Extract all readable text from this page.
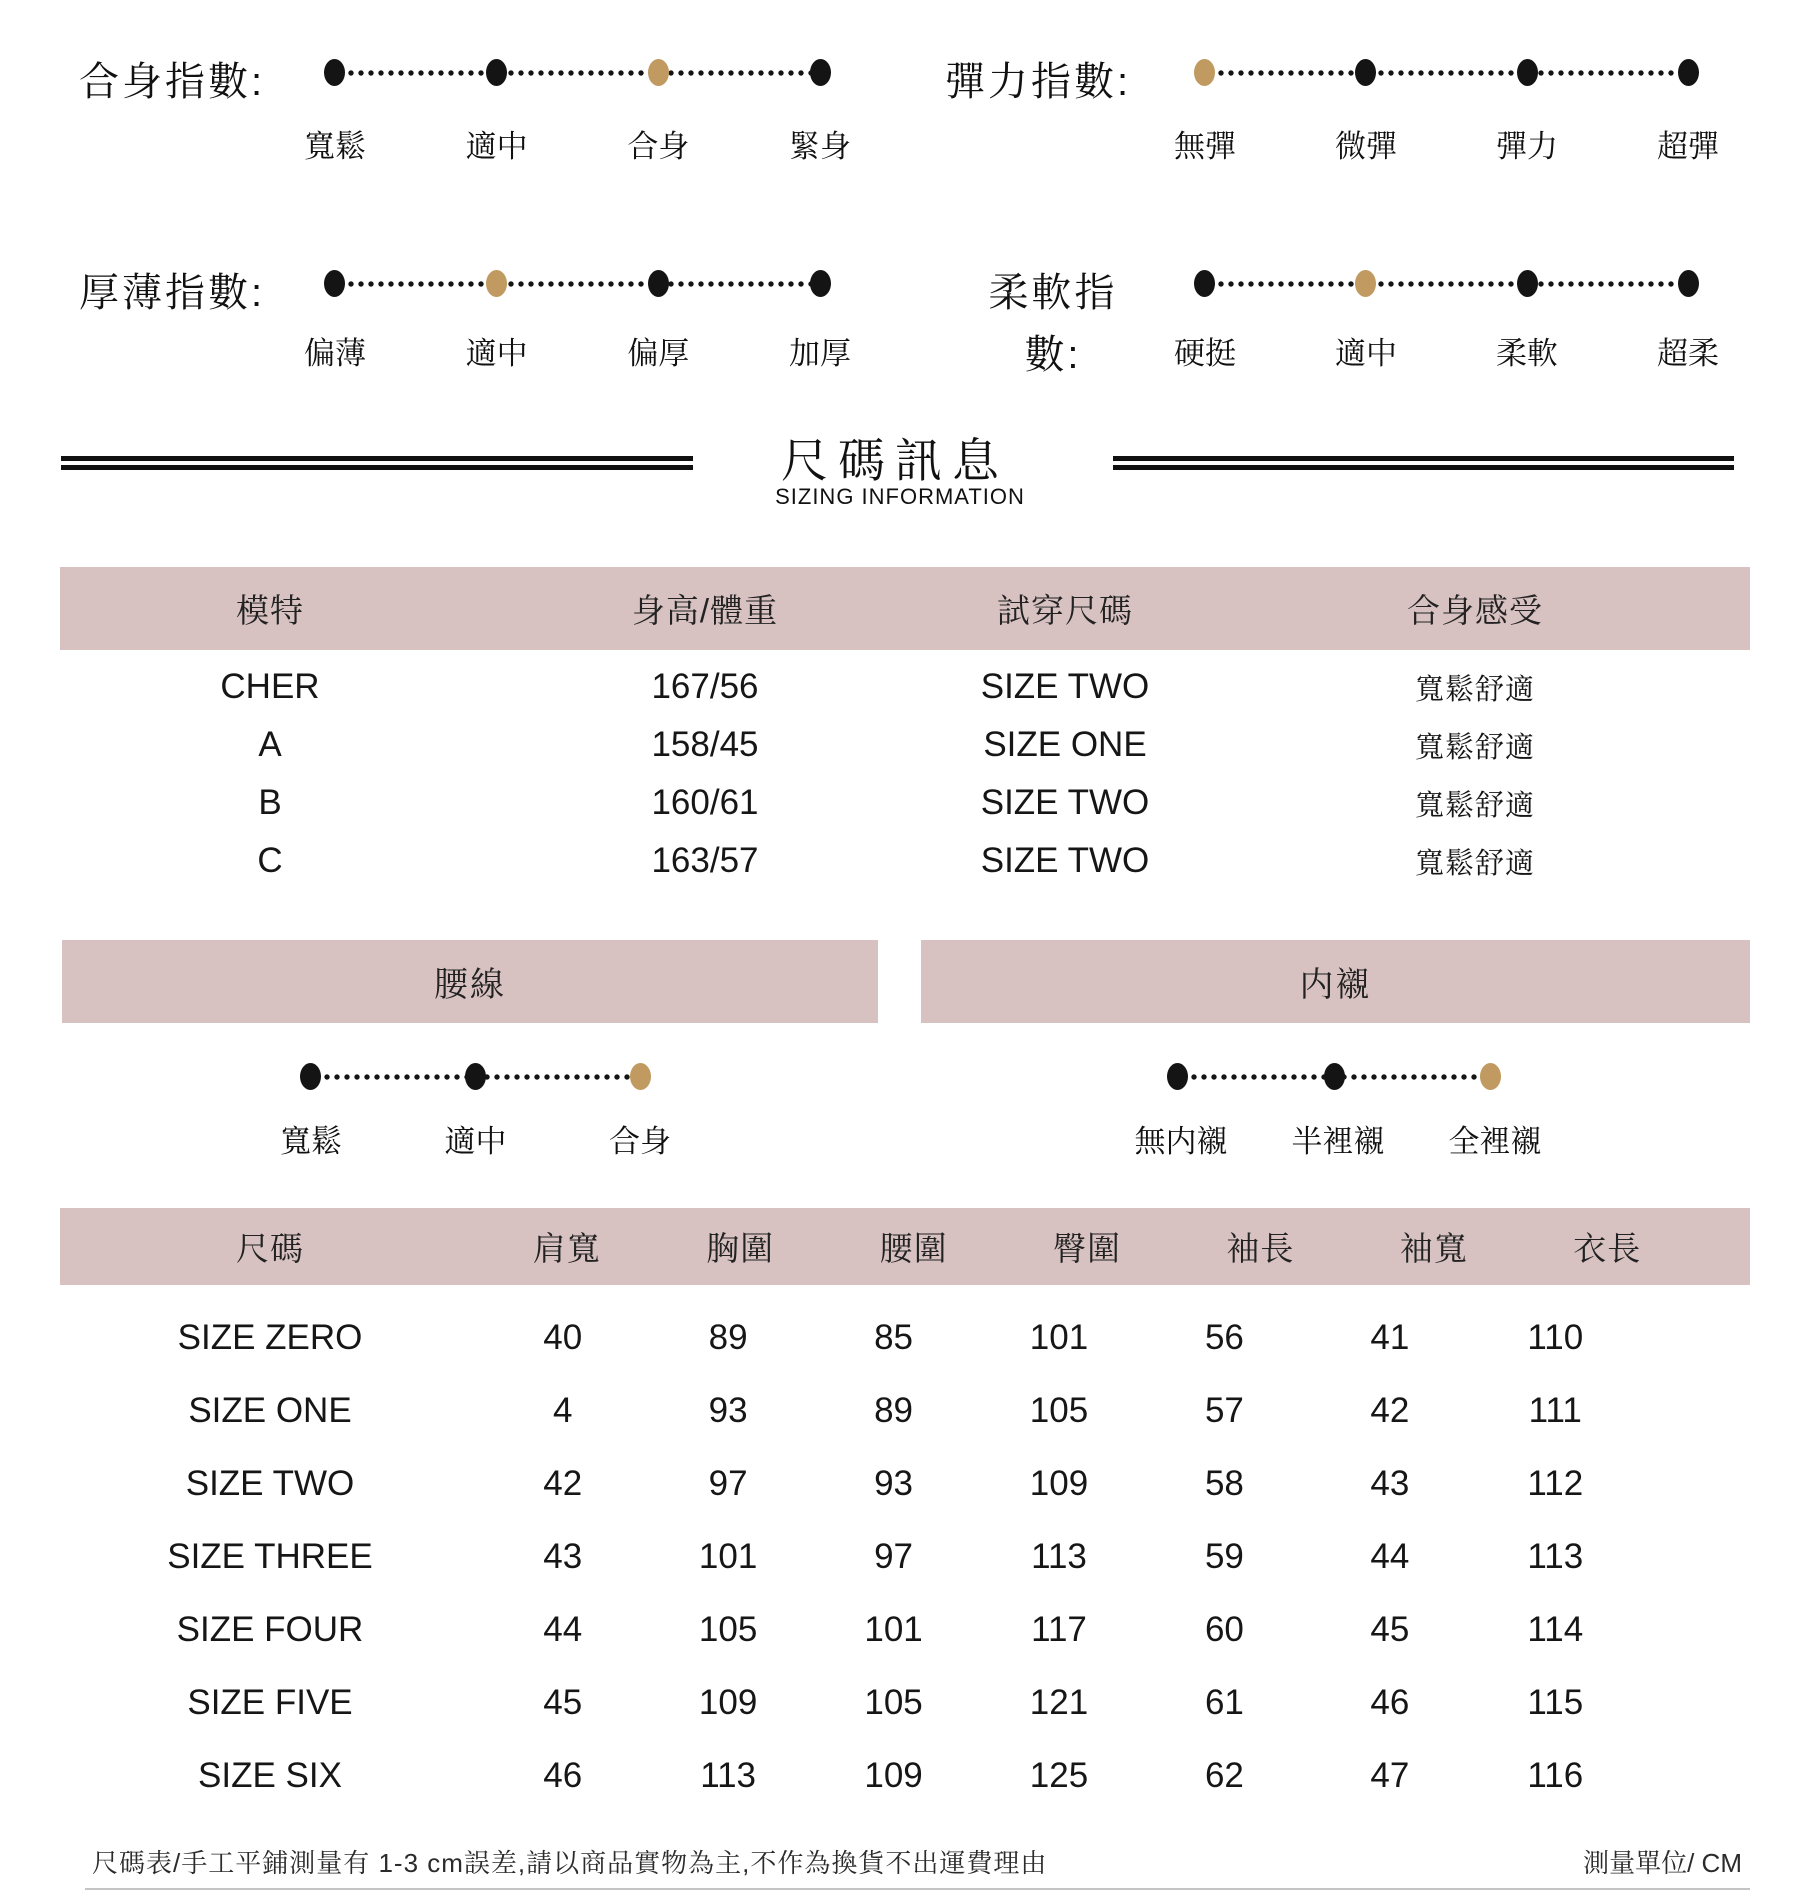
合身指數:
寬鬆	適中	合身	緊身
彈力指數:
無彈	微彈	彈力	超彈
厚薄指數:
偏薄	適中	偏厚	加厚
柔軟指
數:	硬挺	適中	柔軟	超柔
尺碼訊息
SIZING INFORMATION
模特	身高/體重	試穿尺碼	合身感受
CHER	167/56	SIZE TWO	寬鬆舒適
A	158/45	SIZE ONE	寬鬆舒適
B	160/61	SIZE TWO	寬鬆舒適
C	163/57	SIZE TWO	寬鬆舒適
腰線	内襯
寬鬆	適中	合身	無内襯 半裡襯 全裡襯
尺碼	肩寬	胸圍	腰圍	臀圍	袖長	袖寬	衣長
SIZE ZERO	40	89	85	101	56	41	110
SIZE ONE	4	93	89	105	57	42	111
SIZE TWO	42	97	93	109	58	43	112
SIZE THREE	43	101	97	113	59	44	113
SIZE FOUR	44	105	101	117	60	45	114
SIZE FIVE	45	109	105	121	61	46	115
SIZE SIX	46	113	109	125	62	47	116
尺碼表/手工平鋪測量有 1-3 cm誤差,請以商品實物為主,不作為換貨不出運費理由	測量單位/ CM
